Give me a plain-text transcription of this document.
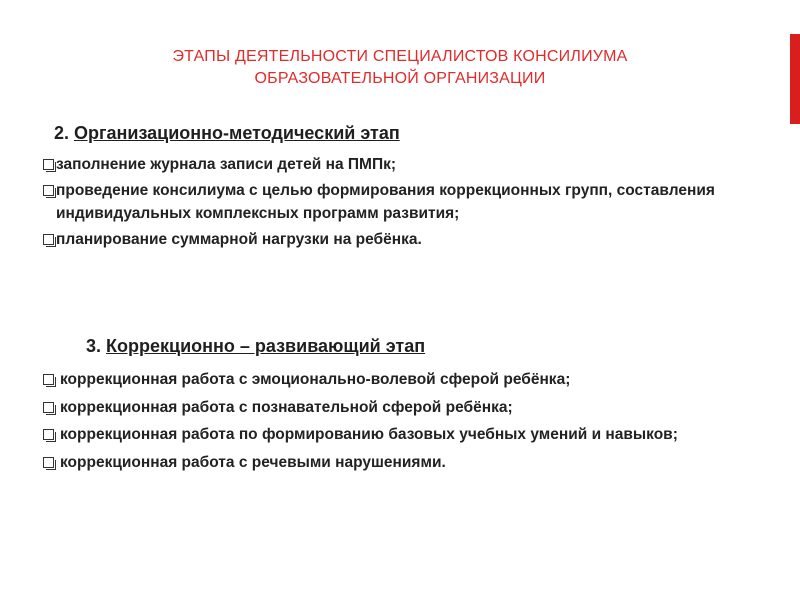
ЭТАПЫ ДЕЯТЕЛЬНОСТИ СПЕЦИАЛИСТОВ КОНСИЛИУМА
ОБРАЗОВАТЕЛЬНОЙ ОРГАНИЗАЦИИ
2. Организационно-методический этап
заполнение журнала записи детей на ПМПк;
проведение консилиума с целью формирования коррекционных групп, составления индивидуальных комплексных программ развития;
планирование суммарной нагрузки на ребёнка.
3. Коррекционно – развивающий этап
коррекционная работа с эмоционально-волевой сферой ребёнка;
коррекционная работа с познавательной сферой ребёнка;
коррекционная работа по формированию базовых учебных умений и навыков;
коррекционная работа с речевыми нарушениями.
